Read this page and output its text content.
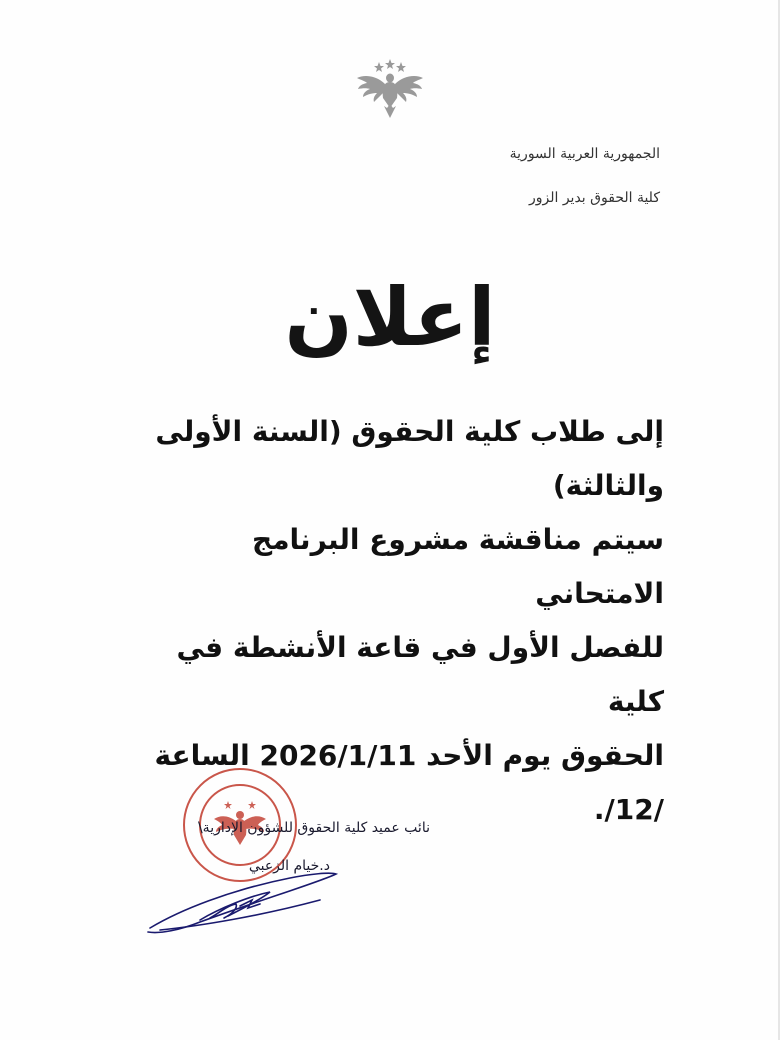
الجمهورية العربية السورية
كلية الحقوق بدير الزور
إعلان

إلى طلاب كلية الحقوق (السنة الأولى

والثالثة)

سيتم مناقشة مشروع البرنامج الامتحاني

للفصل الأول في قاعة الأنشطة في كلية

الحقوق يوم الأحد 2026/1/11 الساعة /12/.

نائب عميد كلية الحقوق للشؤون الإدارية\
د.خيام الزعبي
